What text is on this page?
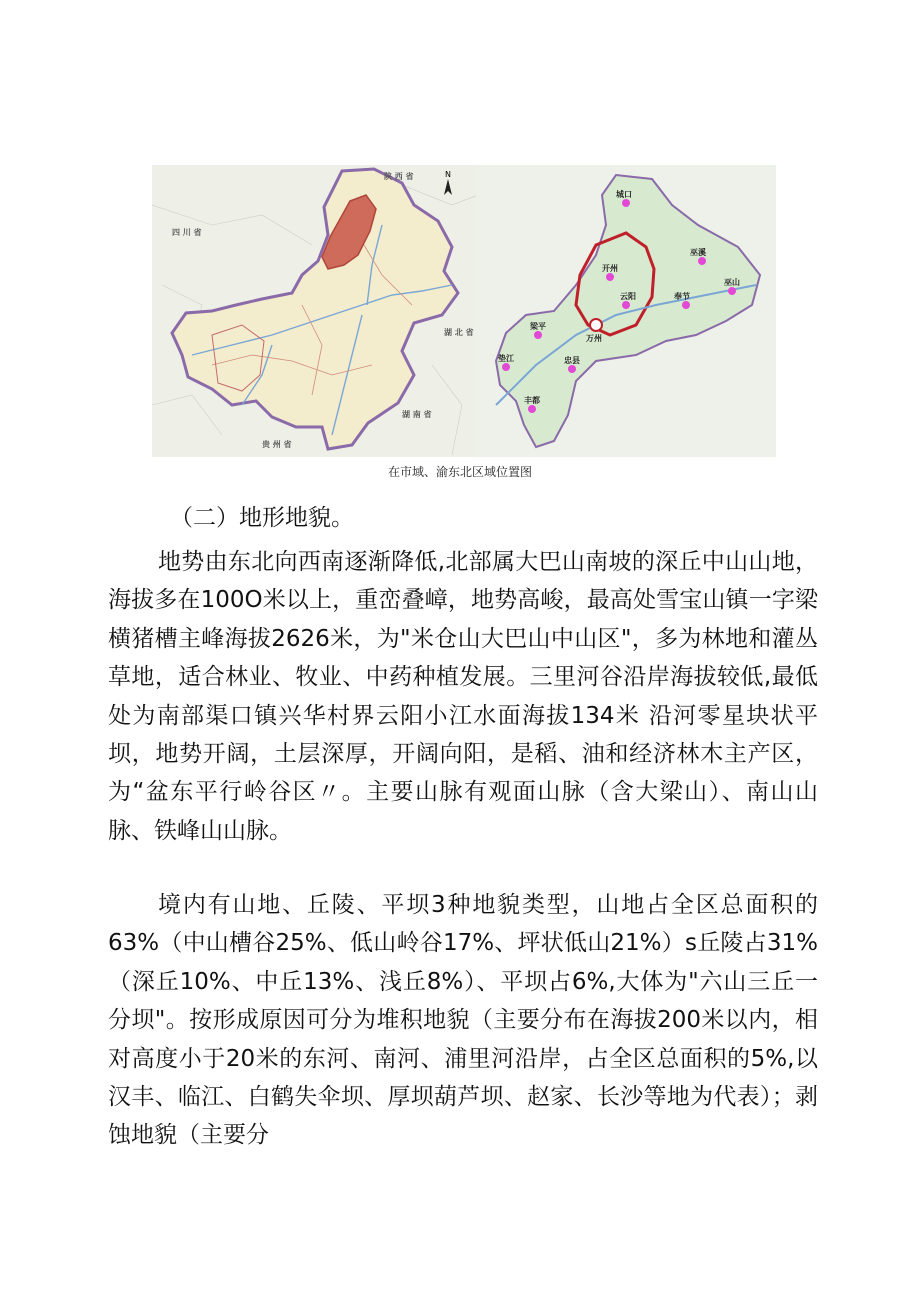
N
四 川 省
陕 西 省
湖 北 省
湖 南 省
贵 州 省
城口
巫溪
开州
巫山
奉节
云阳
万州
梁平
垫江	忠县
丰都
在市域、渝东北区域位置图
（二）地形地貌。
地势由东北向西南逐渐降低,北部属大巴山南坡的深丘中山山地，海拔多在100O米以上，重峦叠嶂，地势高峻，最高处雪宝山镇一字梁横猪槽主峰海拔2626米，为"米仓山大巴山中山区"，多为林地和灌丛草地，适合林业、牧业、中药种植发展。三里河谷沿岸海拔较低,最低处为南部渠口镇兴华村界云阳小江水面海拔134米 沿河零星块状平坝，地势开阔，土层深厚，开阔向阳，是稻、油和经济林木主产区，为“盆东平行岭谷区〃。主要山脉有观面山脉（含大梁山）、南山山脉、铁峰山山脉。
境内有山地、丘陵、平坝3种地貌类型，山地占全区总面积的63%（中山槽谷25%、低山岭谷17%、坪状低山21%）s丘陵占31%（深丘10%、中丘13%、浅丘8%）、平坝占6%,大体为"六山三丘一分坝"。按形成原因可分为堆积地貌（主要分布在海拔200米以内，相对高度小于20米的东河、南河、浦里河沿岸，占全区总面积的5%,以汉丰、临江、白鹤失伞坝、厚坝葫芦坝、赵家、长沙等地为代表）；剥蚀地貌（主要分
